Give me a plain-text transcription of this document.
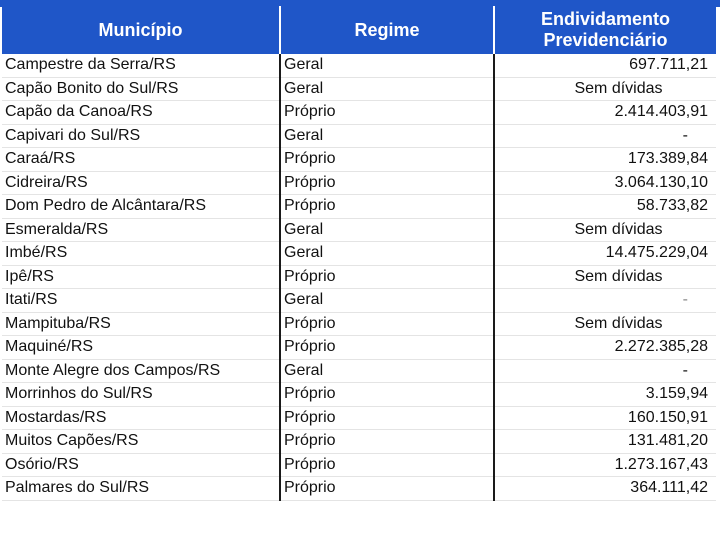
Município	Regime	Endividamento
Previdenciário

Campestre da Serra/RS	Geral	697.711,21
Capão Bonito do Sul/RS	Geral	Sem dívidas
Capão da Canoa/RS	Próprio	2.414.403,91
Capivari do Sul/RS	Geral	-
Caraá/RS	Próprio	173.389,84
Cidreira/RS	Próprio	3.064.130,10
Dom Pedro de Alcântara/RS	Próprio	58.733,82
Esmeralda/RS	Geral	Sem dívidas
Imbé/RS	Geral	14.475.229,04
Ipê/RS	Próprio	Sem dívidas
Itati/RS	Geral	-
Mampituba/RS	Próprio	Sem dívidas
Maquiné/RS	Próprio	2.272.385,28
Monte Alegre dos Campos/RS	Geral	-
Morrinhos do Sul/RS	Próprio	3.159,94
Mostardas/RS	Próprio	160.150,91
Muitos Capões/RS	Próprio	131.481,20
Osório/RS	Próprio	1.273.167,43
Palmares do Sul/RS	Próprio	364.111,42
